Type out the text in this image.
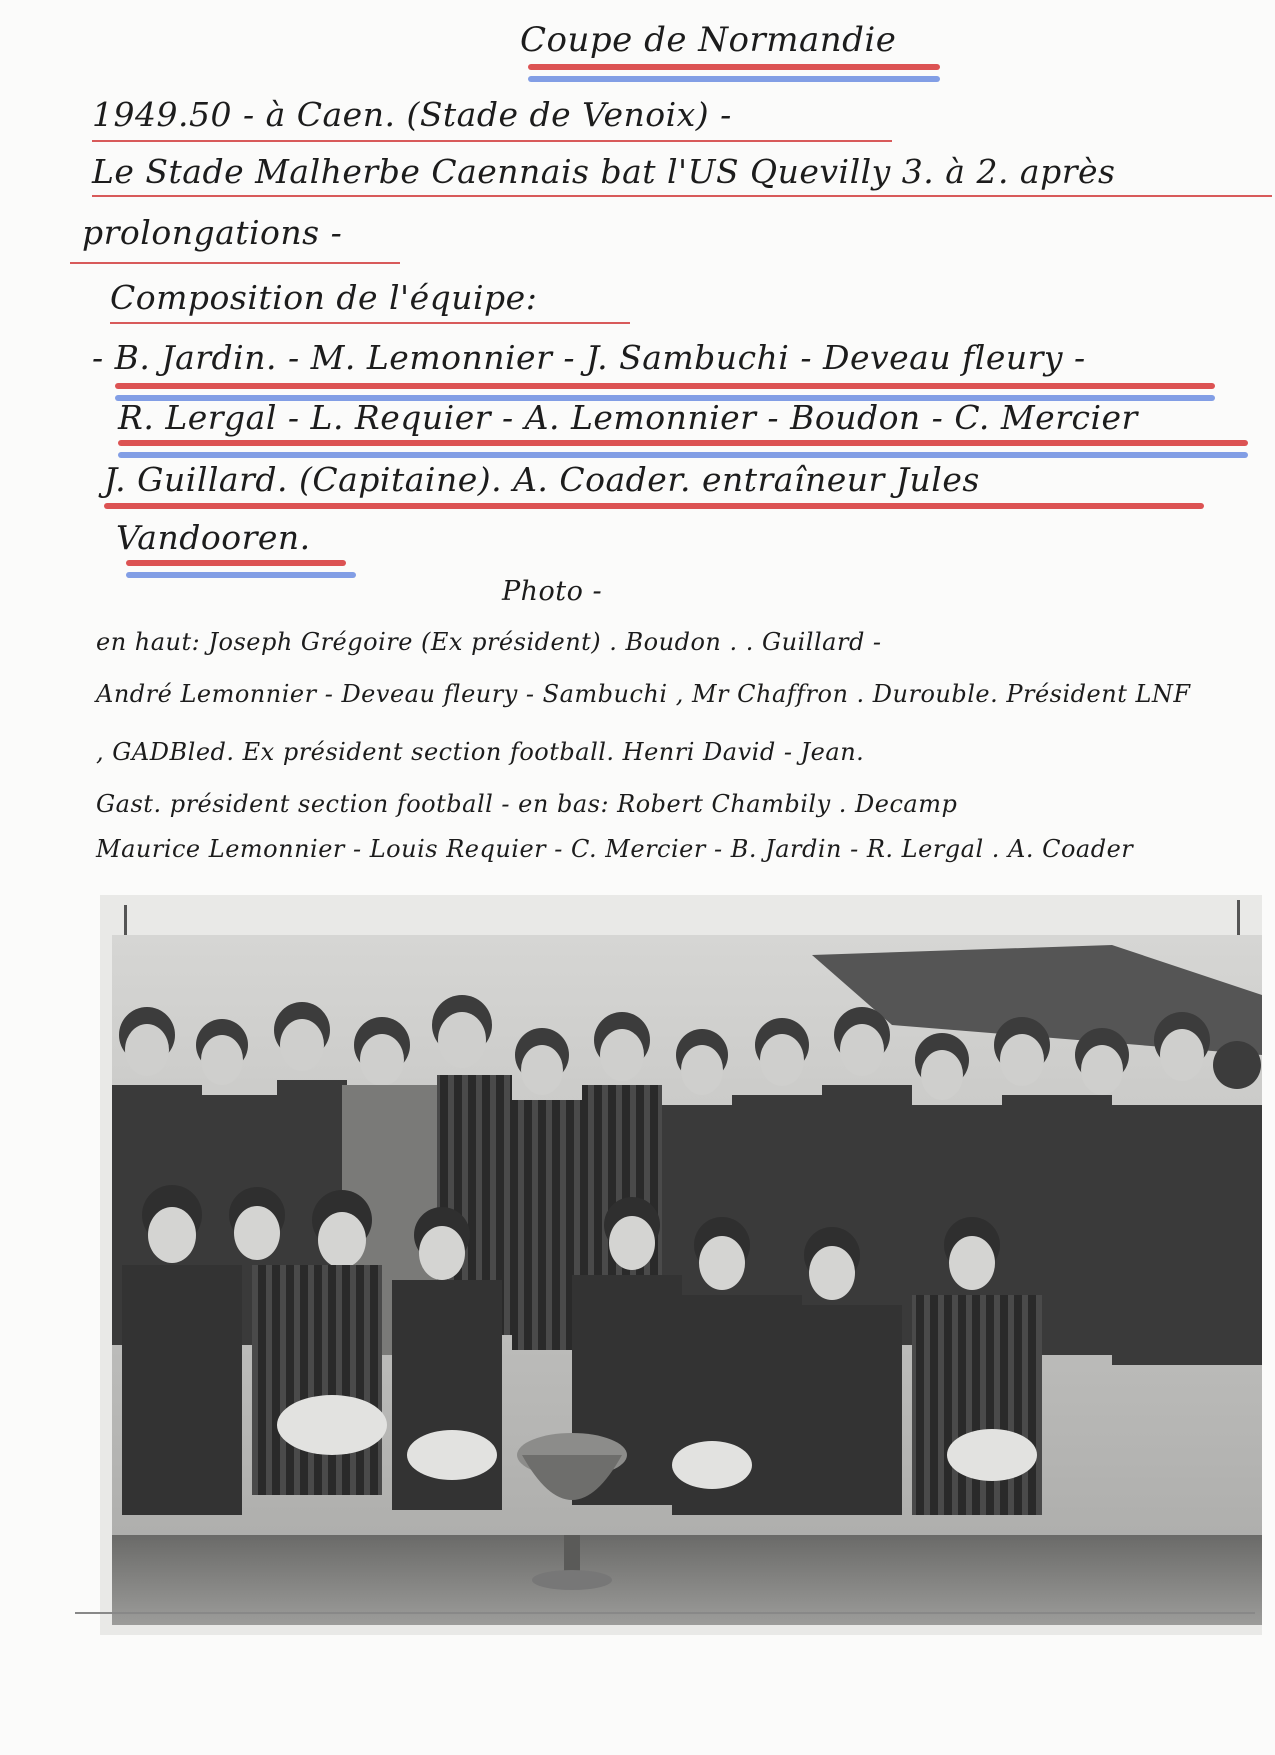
Coupe de Normandie
1949.50 - à Caen. (Stade de Venoix) -
Le Stade Malherbe Caennais bat l'US Quevilly 3. à 2. après
prolongations -
Composition de l'équipe:
- B. Jardin. - M. Lemonnier - J. Sambuchi - Deveau fleury -
R. Lergal - L. Requier - A. Lemonnier - Boudon - C. Mercier
J. Guillard. (Capitaine). A. Coader. entraîneur Jules
Vandooren.
Photo -
en haut: Joseph Grégoire (Ex président) . Boudon . . Guillard -
André Lemonnier - Deveau fleury - Sambuchi , Mr Chaffron . Durouble. Président LNF
, GADBled. Ex président section football. Henri David - Jean.
Gast. président section football - en bas: Robert Chambily . Decamp
Maurice Lemonnier - Louis Requier - C. Mercier - B. Jardin - R. Lergal . A. Coader
